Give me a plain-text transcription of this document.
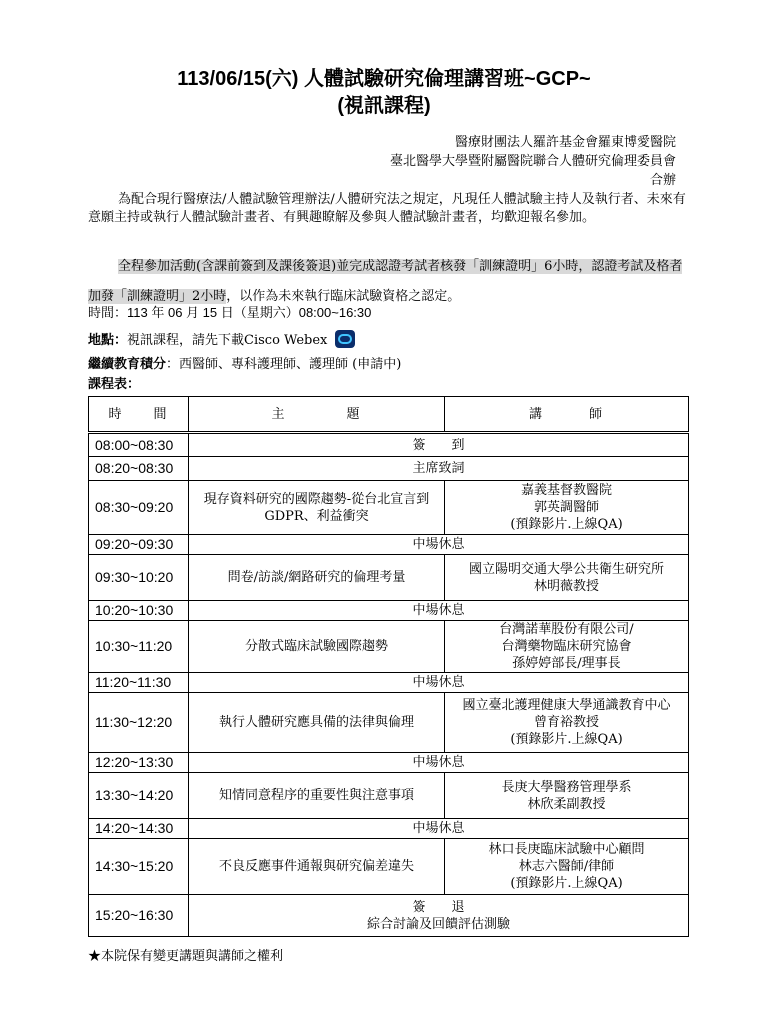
113/06/15(六) 人體試驗研究倫理講習班~GCP~
(視訊課程)
醫療財團法人羅許基金會羅東博愛醫院
臺北醫學大學暨附屬醫院聯合人體研究倫理委員會
合辦
為配合現行醫療法/人體試驗管理辦法/人體研究法之規定，凡現任人體試驗主持人及執行者、未來有意願主持或執行人體試驗計畫者、有興趣瞭解及參與人體試驗計畫者，均歡迎報名參加。
全程參加活動(含課前簽到及課後簽退)並完成認證考試者核發「訓練證明」6小時，認證考試及格者加發「訓練證明」2小時，以作為未來執行臨床試驗資格之認定。
時間：113 年 06 月 15 日（星期六）08:00~16:30
地點：視訊課程，請先下載Cisco Webex
繼續教育積分：西醫師、專科護理師、護理師 (申請中)
課程表：
時　　間	主　　　　題	講　　　師
08:00~08:30	簽　　到	
08:20~08:30	主席致詞	
08:30~09:20	現存資料研究的國際趨勢-從台北宣言到GDPR、利益衝突	嘉義基督教醫院
郭英調醫師
(預錄影片.上線QA)

09:20~09:30	中場休息	
09:30~10:20	問卷/訪談/網路研究的倫理考量	國立陽明交通大學公共衛生研究所
林明薇教授

10:20~10:30	中場休息	
10:30~11:20	分散式臨床試驗國際趨勢	台灣諾華股份有限公司/
台灣藥物臨床研究協會
孫婷婷部長/理事長

11:20~11:30	中場休息	
11:30~12:20	執行人體研究應具備的法律與倫理	國立臺北護理健康大學通識教育中心
曾育裕教授
(預錄影片.上線QA)

12:20~13:30	中場休息	
13:30~14:20	知情同意程序的重要性與注意事項	長庚大學醫務管理學系
林欣柔副教授

14:20~14:30	中場休息	
14:30~15:20	不良反應事件通報與研究偏差違失	林口長庚臨床試驗中心顧問
林志六醫師/律師
(預錄影片.上線QA)

15:20~16:30	簽　　退
綜合討論及回饋評估測驗	
★本院保有變更講題與講師之權利
